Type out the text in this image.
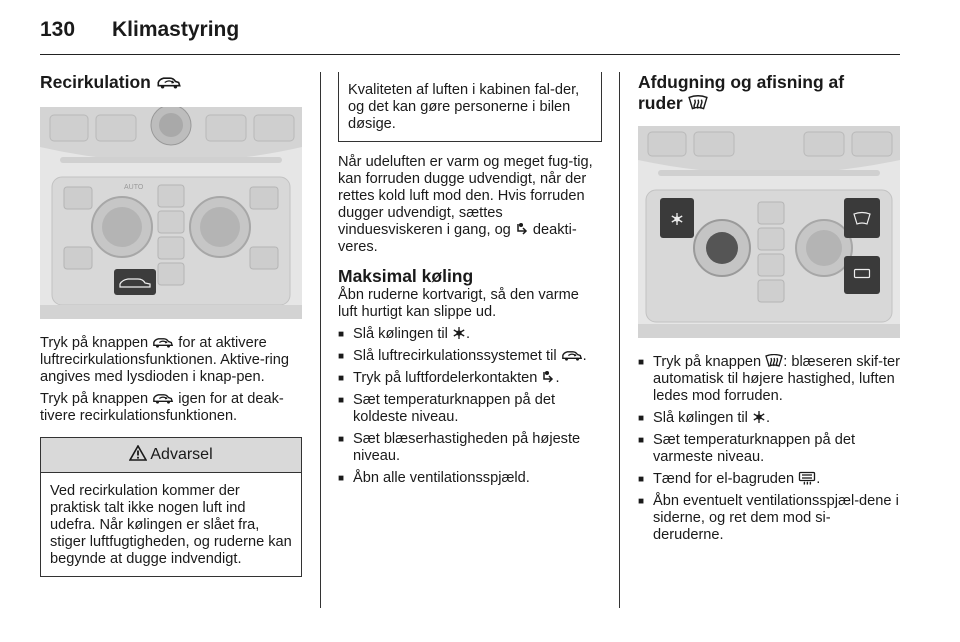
130 Klimastyring
Recirkulation
AUTO

Tryk på knappen  for at aktivere luftrecirkulationsfunktionen. Aktive-ring angives med lysdioden i knap-pen.

Tryk på knappen  igen for at deak-tivere recirkulationsfunktionen.

Advarsel
Ved recirkulation kommer der praktisk talt ikke nogen luft ind udefra. Når kølingen er slået fra, stiger luftfugtigheden, og ruderne kan begynde at dugge indvendigt.
Kvaliteten af luften i kabinen fal-der, og det kan gøre personerne i bilen døsige.

Når udeluften er varm og meget fug-tig, kan forruden dugge udvendigt, når der rettes kold luft mod den. Hvis forruden dugger udvendigt, sættes vinduesviskeren i gang, og  deakti-veres.

Maksimal køling

Åbn ruderne kortvarigt, så den varme luft hurtigt kan slippe ud.

■ Slå kølingen til .
■ Slå luftrecirkulationssystemet til .
■ Tryk på luftfordelerkontakten .
■ Sæt temperaturknappen på det koldeste niveau.
■ Sæt blæserhastigheden på højeste niveau.
■ Åbn alle ventilationsspjæld.
Afdugning og afisning af
ruder
■ Tryk på knappen : blæseren skif-ter automatisk til højere hastighed, luften ledes mod forruden.
■ Slå kølingen til .
■ Sæt temperaturknappen på det varmeste niveau.
■ Tænd for el-bagruden .
■ Åbn eventuelt ventilationsspjæl-dene i siderne, og ret dem mod si-deruderne.
